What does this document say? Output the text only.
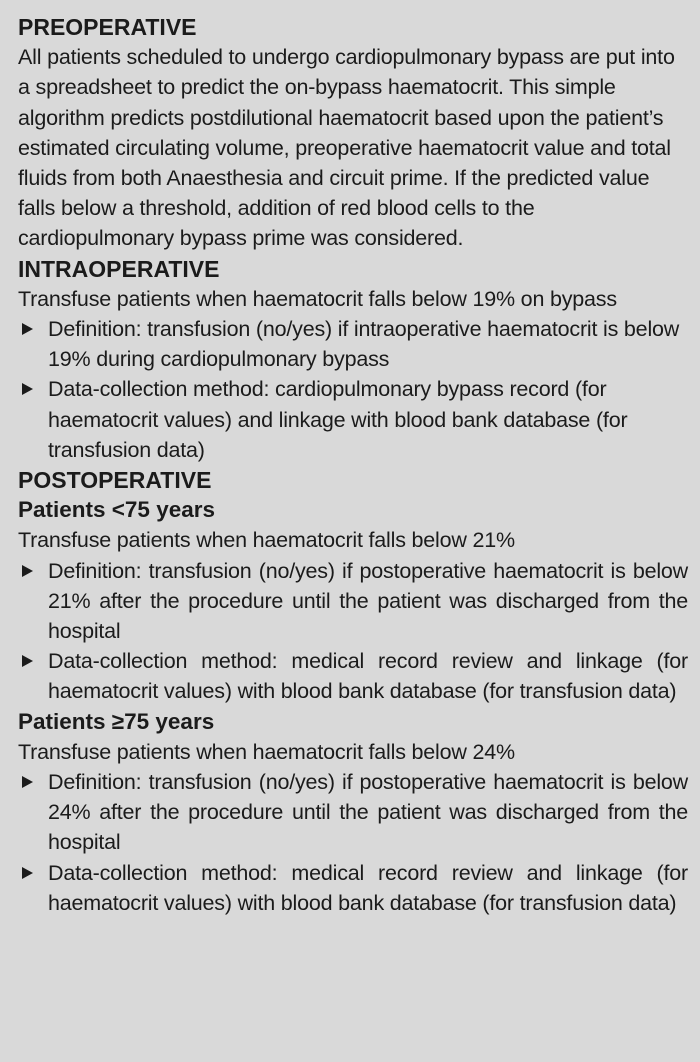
PREOPERATIVE

All patients scheduled to undergo cardiopulmonary bypass are put into a spreadsheet to predict the on-bypass haematocrit. This simple algorithm predicts postdilutional haematocrit based upon the patient’s estimated circulating volume, preoperative haematocrit value and total fluids from both Anaesthesia and circuit prime. If the predicted value falls below a threshold, addition of red blood cells to the cardiopulmonary bypass prime was considered.

INTRAOPERATIVE

Transfuse patients when haematocrit falls below 19% on bypass

Definition: transfusion (no/yes) if intraoperative haematocrit is below 19% during cardiopulmonary bypass
Data-collection method: cardiopulmonary bypass record (for haematocrit values) and linkage with blood bank database (for transfusion data)
POSTOPERATIVE
Patients <75 years

Transfuse patients when haematocrit falls below 21%

Definition: transfusion (no/yes) if postoperative haematocrit is below 21% after the procedure until the patient was discharged from the hospital
Data-collection method: medical record review and linkage (for haematocrit values) with blood bank database (for transfusion data)
Patients ≥75 years

Transfuse patients when haematocrit falls below 24%

Definition: transfusion (no/yes) if postoperative haematocrit is below 24% after the procedure until the patient was discharged from the hospital
Data-collection method: medical record review and linkage (for haematocrit values) with blood bank database (for transfusion data)
